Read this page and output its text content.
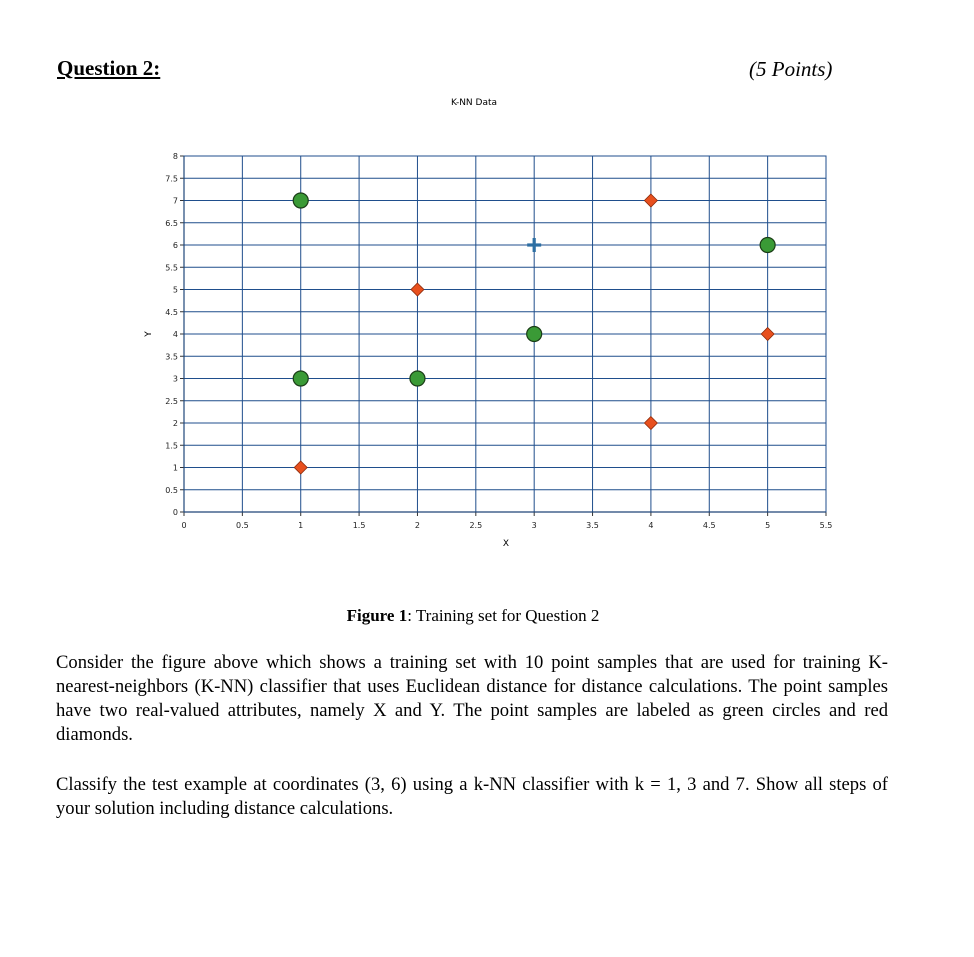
Question 2:	(5 Points)
K-NN Data
0
0.5
1
1.5
2
2.5
3
3.5
4
4.5
5
5.5
6
6.5
7
7.5
8
0	0.5	1	1.5	2	2.5	3	3.5	4	4.5	5	5.5
X
Y
Figure 1: Training set for Question 2
Consider the figure above which shows a training set with 10 point samples that are used for training K-nearest-neighbors (K-NN) classifier that uses Euclidean distance for distance calculations. The point samples have two real-valued attributes, namely X and Y. The point samples are labeled as green circles and red diamonds.
Classify the test example at coordinates (3, 6) using a k-NN classifier with k = 1, 3 and 7. Show all steps of your solution including distance calculations.
